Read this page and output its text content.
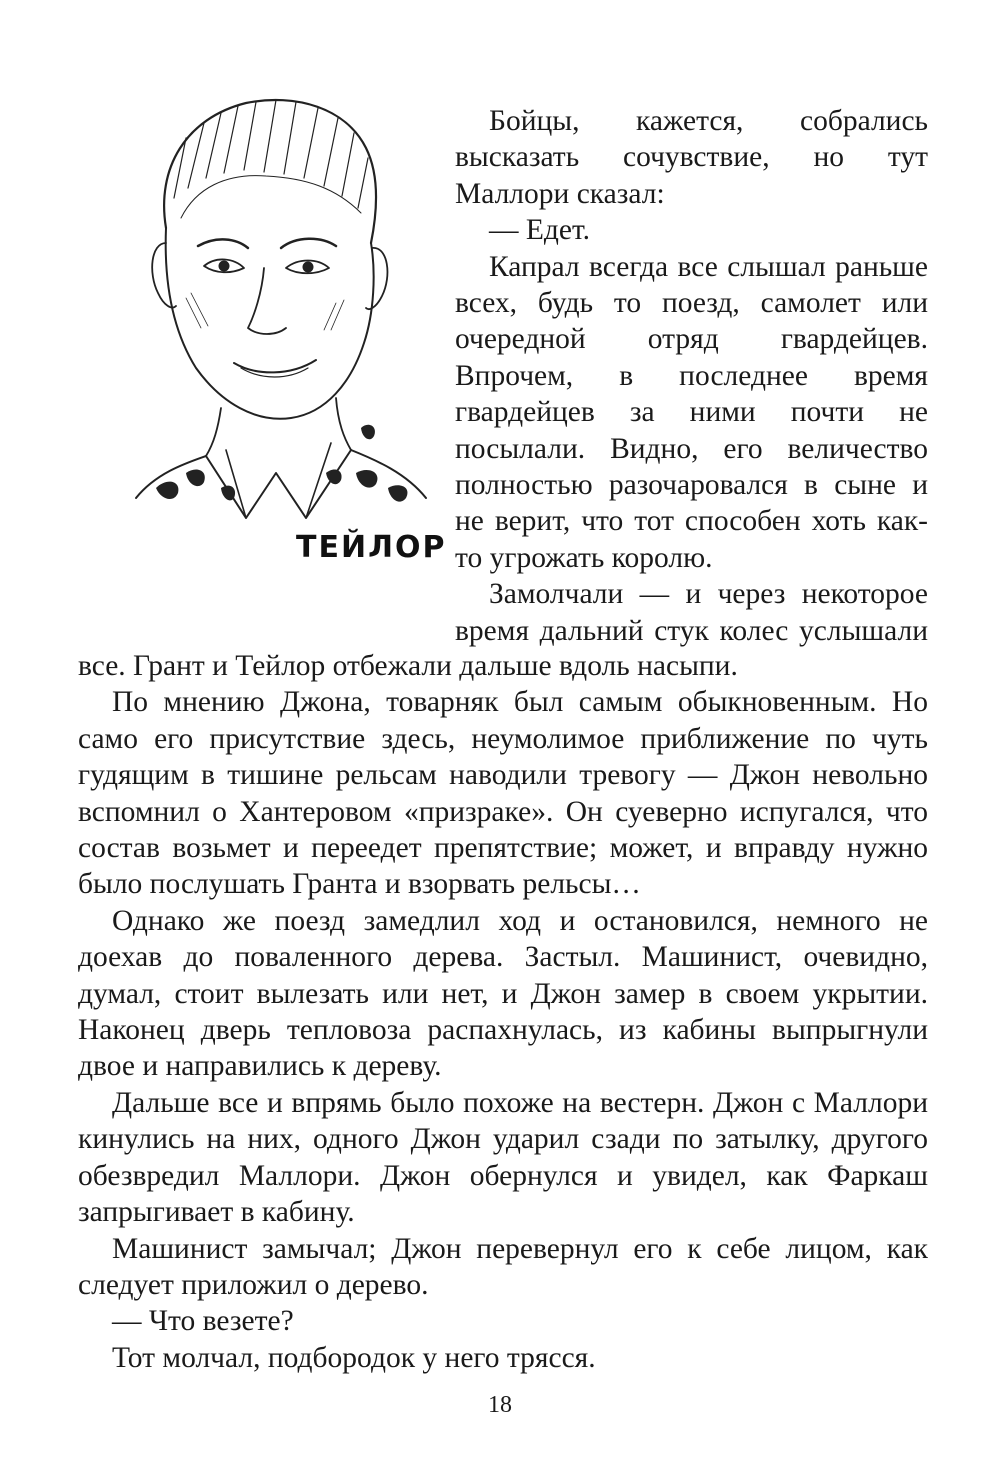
ТЕЙЛОР

Бойцы, кажется, собрались высказать сочувствие, но тут Маллори сказал:

— Едет.

Капрал всегда все слышал раньше всех, будь то поезд, самолет или очередной отряд гвардейцев. Впрочем, в последнее время гвардейцев за ними почти не посылали. Видно, его величество полностью разочаровался в сыне и не верит, что тот способен хоть как-то угрожать королю.

Замолчали — и через некоторое время дальний стук колес услышали

все. Грант и Тейлор отбежали дальше вдоль насыпи.

По мнению Джона, товарняк был самым обыкновенным. Но само его присутствие здесь, неумолимое приближение по чуть гудящим в тишине рельсам наводили тревогу — Джон невольно вспомнил о Хантеровом «призраке». Он суеверно испугался, что состав возьмет и переедет препятствие; может, и вправду нужно было послушать Гранта и взорвать рельсы…

Однако же поезд замедлил ход и остановился, немного не доехав до поваленного дерева. Застыл. Машинист, очевидно, думал, стоит вылезать или нет, и Джон замер в своем укрытии. Наконец дверь тепловоза распахнулась, из кабины выпрыгнули двое и направились к дереву.

Дальше все и впрямь было похоже на вестерн. Джон с Маллори кинулись на них, одного Джон ударил сзади по затылку, другого обезвредил Маллори. Джон обернулся и увидел, как Фаркаш запрыгивает в кабину.

Машинист замычал; Джон перевернул его к себе лицом, как следует приложил о дерево.

— Что везете?

Тот молчал, подбородок у него трясся.

18
